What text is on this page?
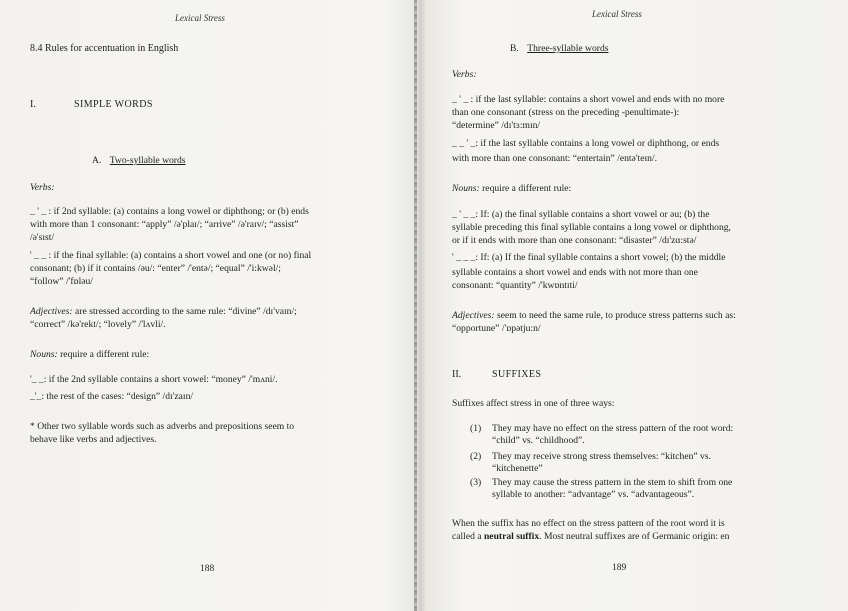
Lexical Stress
8.4 Rules for accentuation in English
I.	SIMPLE WORDS
A. Two-syllable words
Verbs:
_ ' _ : if 2nd syllable: (a) contains a long vowel or diphthong; or (b) ends
with more than 1 consonant: “apply” /ə'plaɪ/; “arrive” /ə'raɪv/; “assist”
/ə'sɪst/
' _ _ : if the final syllable: (a) contains a short vowel and one (or no) final
consonant; (b) if it contains /əu/: “enter” /'entə/; “equal” /'i:kwəl/;
“follow” /'fɒləu/
Adjectives: are stressed according to the same rule: “divine” /dɪ'vaɪn/;
“correct” /kə'rekt/; “lovely” /'lʌvli/.
Nouns: require a different rule:
'_ _: if the 2nd syllable contains a short vowel: “money” /'mʌni/.
_'_: the rest of the cases: “design” /dɪ'zaɪn/
* Other two syllable words such as adverbs and prepositions seem to
behave like verbs and adjectives.
188
Lexical Stress
B. Three-syllable words
Verbs:
_ ' _ : if the last syllable: contains a short vowel and ends with no more
than one consonant (stress on the preceding -penultimate-):
“determine” /dɪ'tɜ:mɪn/
_ _ ' _: if the last syllable contains a long vowel or diphthong, or ends
with more than one consonant: “entertain” /entə'teɪn/.
Nouns: require a different rule:
_ ' _ _: If: (a) the final syllable contains a short vowel or əu; (b) the
syllable preceding this final syllable contains a long vowel or diphthong,
or if it ends with more than one consonant: “disaster” /dɪ'zɑ:stə/
' _ _ _: If: (a) If the final syllable contains a short vowel; (b) the middle
syllable contains a short vowel and ends with not more than one
consonant: “quantity” /'kwɒntɪti/
Adjectives: seem to need the same rule, to produce stress patterns such as:
“opportune” /'ɒpətju:n/
II.	SUFFIXES
Suffixes affect stress in one of three ways:
(1)	They may have no effect on the stress pattern of the root word:
“child” vs. “childhood”.
(2)	They may receive strong stress themselves: “kitchen” vs.
“kitchenette”
(3)	They may cause the stress pattern in the stem to shift from one
syllable to another: “advantage” vs. “advantageous”.
When the suffix has no effect on the stress pattern of the root word it is
called a neutral suffix. Most neutral suffixes are of Germanic origin: en
189
